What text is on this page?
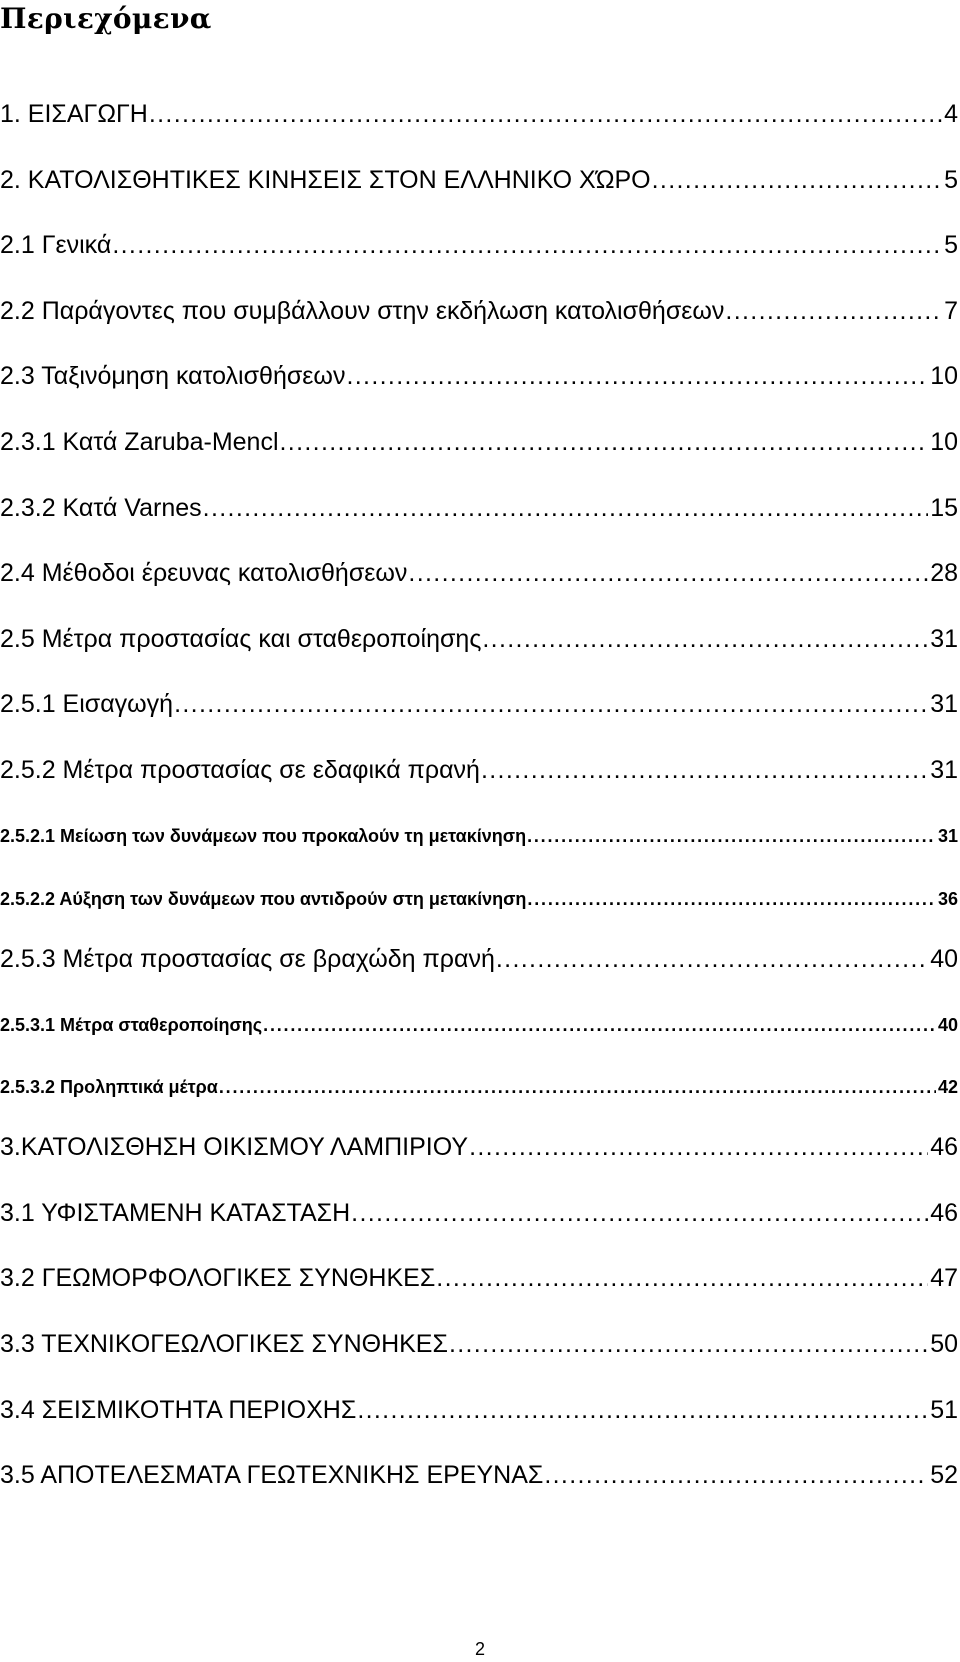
Περιεχόμενα
1. ΕΙΣΑΓΩΓΗ . . .	4
2. ΚΑΤΟΛΙΣΘΗΤΙΚΕΣ ΚΙΝΗΣΕΙΣ ΣΤΟΝ ΕΛΛΗΝΙΚΟ ΧΏΡΟ . . .	5
2.1 Γενικά . . .	5
2.2 Παράγοντες που συμβάλλουν στην εκδήλωση κατολισθήσεων . . .	7
2.3 Ταξινόμηση κατολισθήσεων . . .	10
2.3.1 Κατά Zaruba-Mencl . . .	10
2.3.2 Κατά Varnes . . .	15
2.4 Μέθοδοι έρευνας κατολισθήσεων . . .	28
2.5 Μέτρα προστασίας και σταθεροποίησης . . .	31
2.5.1 Εισαγωγή . . .	31
2.5.2 Μέτρα προστασίας σε εδαφικά πρανή . . .	31
2.5.2.1 Μείωση των δυνάμεων που προκαλούν τη μετακίνηση . . .	31
2.5.2.2 Αύξηση των δυνάμεων που αντιδρούν στη μετακίνηση . . .	36
2.5.3 Μέτρα προστασίας σε βραχώδη πρανή . . .	40
2.5.3.1 Μέτρα σταθεροποίησης . . .	40
2.5.3.2 Προληπτικά μέτρα . . .	42
3.ΚΑΤΟΛΙΣΘΗΣΗ ΟΙΚΙΣΜΟΥ ΛΑΜΠΙΡΙΟΥ . . .	46
3.1 ΥΦΙΣΤΑΜΕΝΗ ΚΑΤΑΣΤΑΣΗ . . .	46
3.2 ΓΕΩΜΟΡΦΟΛΟΓΙΚΕΣ ΣΥΝΘΗΚΕΣ . . .	47
3.3 ΤΕΧΝΙΚΟΓΕΩΛΟΓΙΚΕΣ ΣΥΝΘΗΚΕΣ . . .	50
3.4 ΣΕΙΣΜΙΚΟΤΗΤΑ ΠΕΡΙΟΧΗΣ . . .	51
3.5 ΑΠΟΤΕΛΕΣΜΑΤΑ ΓΕΩΤΕΧΝΙΚΗΣ ΕΡΕΥΝΑΣ . . .	52
2
